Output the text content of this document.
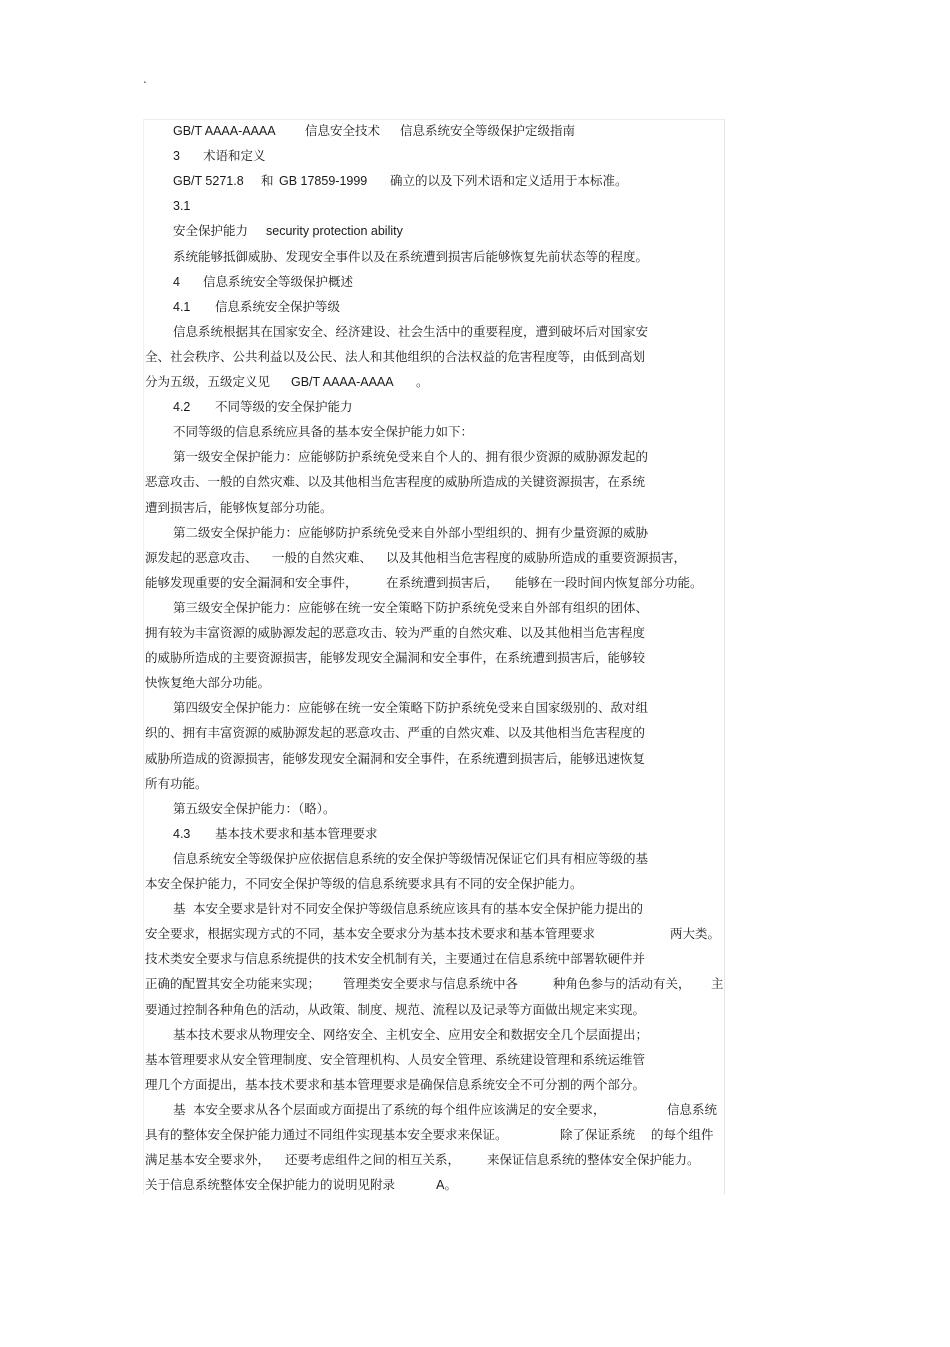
.
GB/T AAAA-AAAA 信息安全技术 信息系统安全等级保护定级指南
3 术语和定义
GB/T 5271.8 和 GB 17859-1999 确立的以及下列术语和定义适用于本标准。
3.1
安全保护能力 security protection ability
系统能够抵御威胁、发现安全事件以及在系统遭到损害后能够恢复先前状态等的程度。
4 信息系统安全等级保护概述
4.1 信息系统安全保护等级
信息系统根据其在国家安全、经济建设、社会生活中的重要程度，遭到破坏后对国家安
全、社会秩序、公共利益以及公民、法人和其他组织的合法权益的危害程度等，由低到高划
分为五级，五级定义见 GB/T AAAA-AAAA 。
4.2 不同等级的安全保护能力
不同等级的信息系统应具备的基本安全保护能力如下：
第一级安全保护能力：应能够防护系统免受来自个人的、拥有很少资源的威胁源发起的
恶意攻击、一般的自然灾难、以及其他相当危害程度的威胁所造成的关键资源损害，在系统
遭到损害后，能够恢复部分功能。
第二级安全保护能力：应能够防护系统免受来自外部小型组织的、拥有少量资源的威胁
源发起的恶意攻击、 一般的自然灾难、 以及其他相当危害程度的威胁所造成的重要资源损害，
能够发现重要的安全漏洞和安全事件， 在系统遭到损害后， 能够在一段时间内恢复部分功能。
第三级安全保护能力：应能够在统一安全策略下防护系统免受来自外部有组织的团体、
拥有较为丰富资源的威胁源发起的恶意攻击、较为严重的自然灾难、以及其他相当危害程度
的威胁所造成的主要资源损害，能够发现安全漏洞和安全事件，在系统遭到损害后，能够较
快恢复绝大部分功能。
第四级安全保护能力：应能够在统一安全策略下防护系统免受来自国家级别的、敌对组
织的、拥有丰富资源的威胁源发起的恶意攻击、严重的自然灾难、以及其他相当危害程度的
威胁所造成的资源损害，能够发现安全漏洞和安全事件，在系统遭到损害后，能够迅速恢复
所有功能。
第五级安全保护能力：（略）。
4.3 基本技术要求和基本管理要求
信息系统安全等级保护应依据信息系统的安全保护等级情况保证它们具有相应等级的基
本安全保护能力，不同安全保护等级的信息系统要求具有不同的安全保护能力。
基 本安全要求是针对不同安全保护等级信息系统应该具有的基本安全保护能力提出的
安全要求，根据实现方式的不同，基本安全要求分为基本技术要求和基本管理要求	两大类。
技术类安全要求与信息系统提供的技术安全机制有关，主要通过在信息系统中部署软硬件并
正确的配置其安全功能来实现； 管理类安全要求与信息系统中各	种角色参与的活动有关， 主
要通过控制各种角色的活动，从政策、制度、规范、流程以及记录等方面做出规定来实现。
基本技术要求从物理安全、网络安全、主机安全、应用安全和数据安全几个层面提出；
基本管理要求从安全管理制度、安全管理机构、人员安全管理、系统建设管理和系统运维管
理几个方面提出，基本技术要求和基本管理要求是确保信息系统安全不可分割的两个部分。
基 本安全要求从各个层面或方面提出了系统的每个组件应该满足的安全要求，	信息系统
具有的整体安全保护能力通过不同组件实现基本安全要求来保证。	除了保证系统 的每个组件
满足基本安全要求外， 还要考虑组件之间的相互关系， 来保证信息系统的整体安全保护能力。
关于信息系统整体安全保护能力的说明见附录	A。
